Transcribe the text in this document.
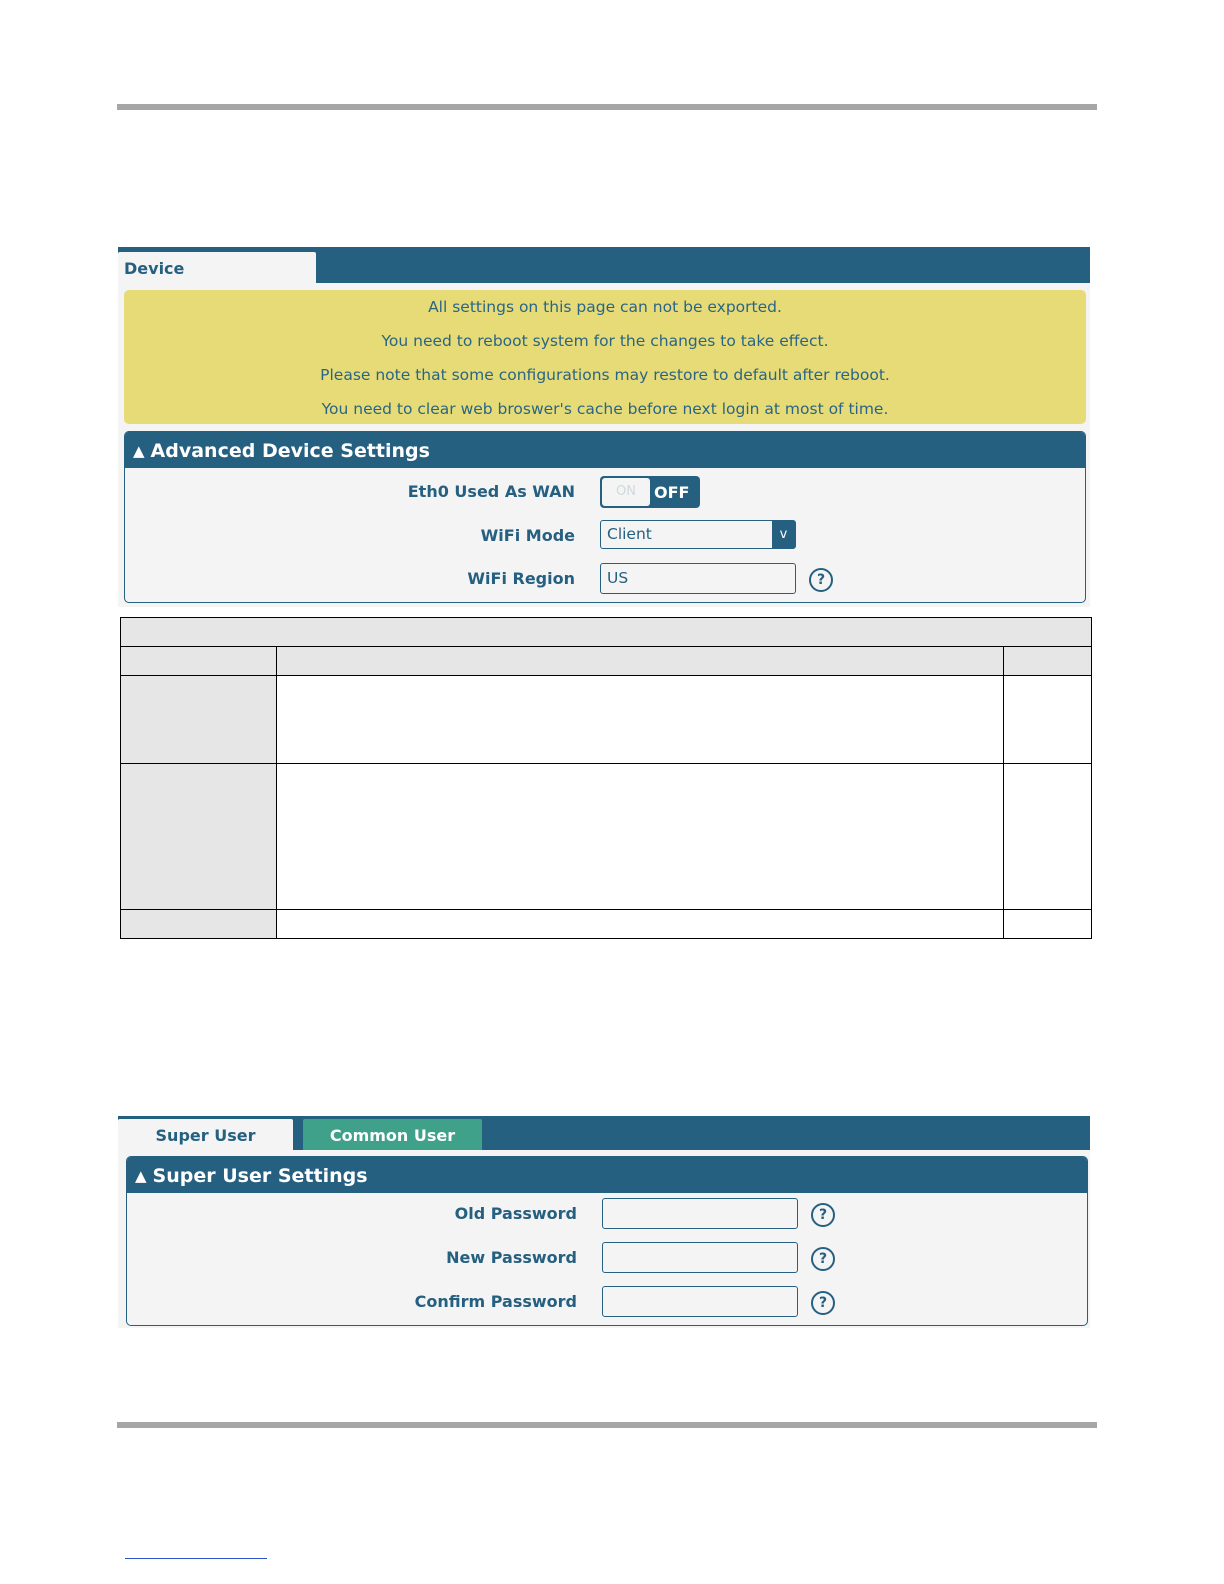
Device
All settings on this page can not be exported.
You need to reboot system for the changes to take effect.
Please note that some configurations may restore to default after reboot.
You need to clear web broswer's cache before next login at most of time.
▲ Advanced Device Settings
Eth0 Used As WAN	ON	OFF
WiFi Mode	Client	v
WiFi Region	US	?

Super User	Common User
▲ Super User Settings
Old Password	?
New Password	?
Confirm Password	?
